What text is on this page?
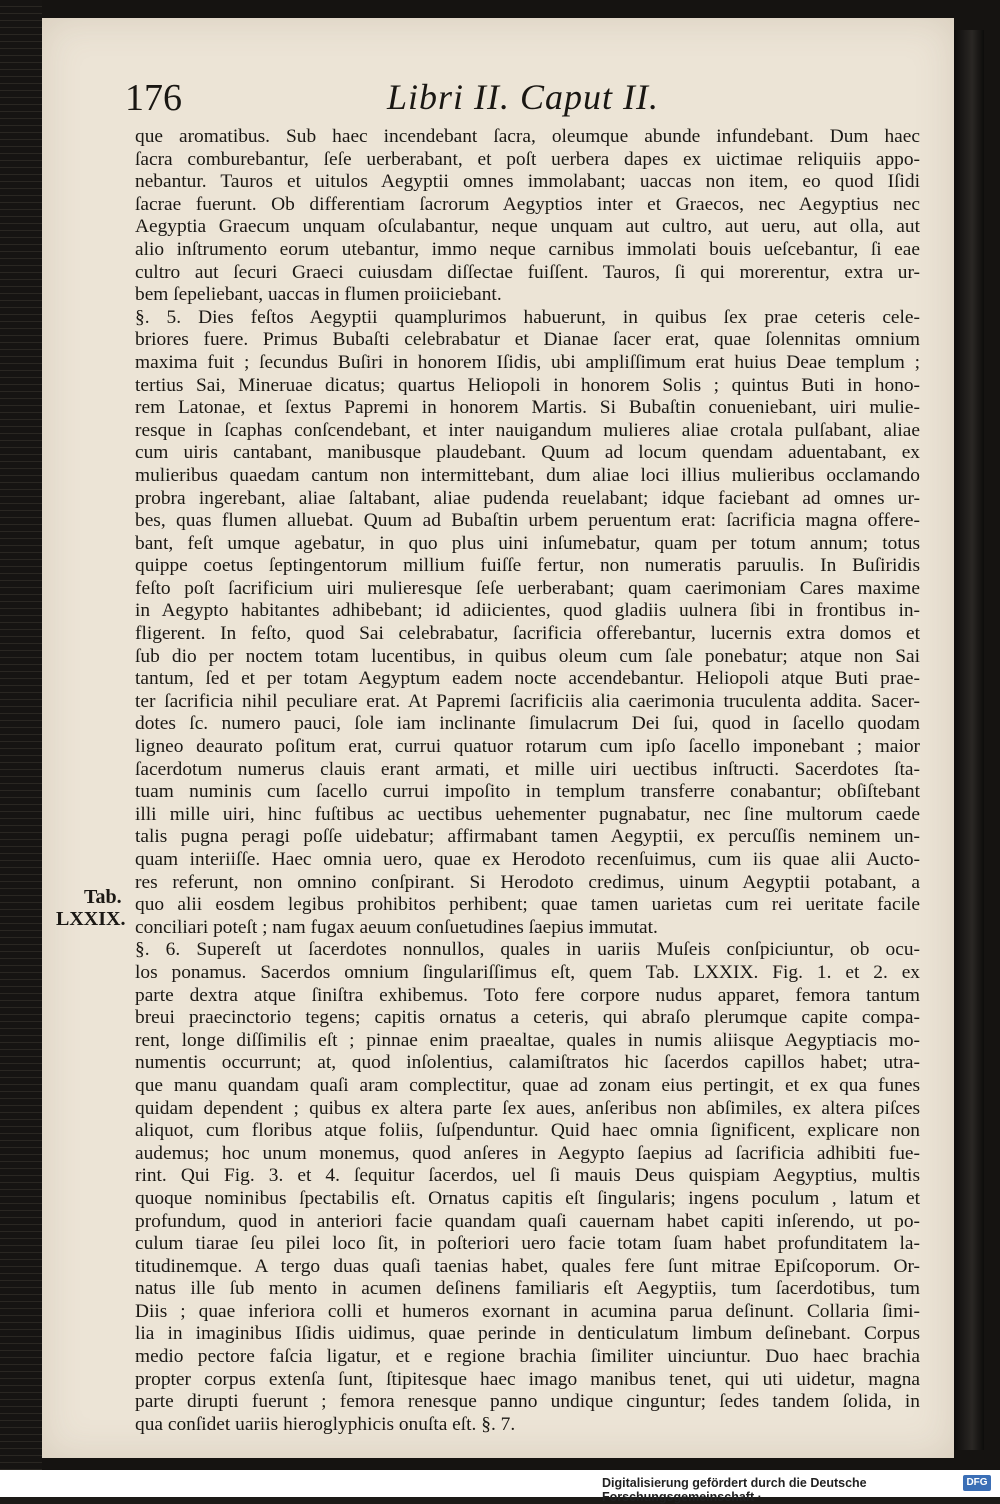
176	Libri II. Caput II.
Tab.
LXXIX.
que aromatibus. Sub haec incendebant ſacra, oleumque abunde infundebant. Dum haec
ſacra comburebantur, ſeſe uerberabant, et poſt uerbera dapes ex uictimae reliquiis appo-
nebantur. Tauros et uitulos Aegyptii omnes immolabant; uaccas non item, eo quod Iſidi
ſacrae fuerunt. Ob differentiam ſacrorum Aegyptios inter et Graecos, nec Aegyptius nec
Aegyptia Graecum unquam oſculabantur, neque unquam aut cultro, aut ueru, aut olla, aut
alio inſtrumento eorum utebantur, immo neque carnibus immolati bouis ueſcebantur, ſi eae
cultro aut ſecuri Graeci cuiusdam diſſectae fuiſſent. Tauros, ſi qui morerentur, extra ur-
bem ſepeliebant, uaccas in flumen proiiciebant.
§. 5. Dies feſtos Aegyptii quamplurimos habuerunt, in quibus ſex prae ceteris cele-
briores fuere. Primus Bubaſti celebrabatur et Dianae ſacer erat, quae ſolennitas omnium
maxima fuit ; ſecundus Buſiri in honorem Iſidis, ubi ampliſſimum erat huius Deae templum ;
tertius Sai, Mineruae dicatus; quartus Heliopoli in honorem Solis ; quintus Buti in hono-
rem Latonae, et ſextus Papremi in honorem Martis. Si Bubaſtin conueniebant, uiri mulie-
resque in ſcaphas conſcendebant, et inter nauigandum mulieres aliae crotala pulſabant, aliae
cum uiris cantabant, manibusque plaudebant. Quum ad locum quendam aduentabant, ex
mulieribus quaedam cantum non intermittebant, dum aliae loci illius mulieribus occlamando
probra ingerebant, aliae ſaltabant, aliae pudenda reuelabant; idque faciebant ad omnes ur-
bes, quas flumen alluebat. Quum ad Bubaſtin urbem peruentum erat: ſacrificia magna offere-
bant, feſt umque agebatur, in quo plus uini inſumebatur, quam per totum annum; totus
quippe coetus ſeptingentorum millium fuiſſe fertur, non numeratis paruulis. In Buſiridis
feſto poſt ſacrificium uiri mulieresque ſeſe uerberabant; quam caerimoniam Cares maxime
in Aegypto habitantes adhibebant; id adiicientes, quod gladiis uulnera ſibi in frontibus in-
fligerent. In feſto, quod Sai celebrabatur, ſacrificia offerebantur, lucernis extra domos et
ſub dio per noctem totam lucentibus, in quibus oleum cum ſale ponebatur; atque non Sai
tantum, ſed et per totam Aegyptum eadem nocte accendebantur. Heliopoli atque Buti prae-
ter ſacrificia nihil peculiare erat. At Papremi ſacrificiis alia caerimonia truculenta addita. Sacer-
dotes ſc. numero pauci, ſole iam inclinante ſimulacrum Dei ſui, quod in ſacello quodam
ligneo deaurato poſitum erat, currui quatuor rotarum cum ipſo ſacello imponebant ; maior
ſacerdotum numerus clauis erant armati, et mille uiri uectibus inſtructi. Sacerdotes ſta-
tuam numinis cum ſacello currui impoſito in templum transferre conabantur; obſiſtebant
illi mille uiri, hinc fuſtibus ac uectibus uehementer pugnabatur, nec ſine multorum caede
talis pugna peragi poſſe uidebatur; affirmabant tamen Aegyptii, ex percuſſis neminem un-
quam interiiſſe. Haec omnia uero, quae ex Herodoto recenſuimus, cum iis quae alii Aucto-
res referunt, non omnino conſpirant. Si Herodoto credimus, uinum Aegyptii potabant, a
quo alii eosdem legibus prohibitos perhibent; quae tamen uarietas cum rei ueritate facile
conciliari poteſt ; nam fugax aeuum conſuetudines ſaepius immutat.
§. 6. Supereſt ut ſacerdotes nonnullos, quales in uariis Muſeis conſpiciuntur, ob ocu-
los ponamus. Sacerdos omnium ſingulariſſimus eſt, quem Tab. LXXIX. Fig. 1. et 2. ex
parte dextra atque ſiniſtra exhibemus. Toto fere corpore nudus apparet, femora tantum
breui praecinctorio tegens; capitis ornatus a ceteris, qui abraſo plerumque capite compa-
rent, longe diſſimilis eſt ; pinnae enim praealtae, quales in numis aliisque Aegyptiacis mo-
numentis occurrunt; at, quod inſolentius, calamiſtratos hic ſacerdos capillos habet; utra-
que manu quandam quaſi aram complectitur, quae ad zonam eius pertingit, et ex qua funes
quidam dependent ; quibus ex altera parte ſex aues, anſeribus non abſimiles, ex altera piſces
aliquot, cum floribus atque foliis, ſuſpenduntur. Quid haec omnia ſignificent, explicare non
audemus; hoc unum monemus, quod anſeres in Aegypto ſaepius ad ſacrificia adhibiti fue-
rint. Qui Fig. 3. et 4. ſequitur ſacerdos, uel ſi mauis Deus quispiam Aegyptius, multis
quoque nominibus ſpectabilis eſt. Ornatus capitis eſt ſingularis; ingens poculum , latum et
profundum, quod in anteriori facie quandam quaſi cauernam habet capiti inſerendo, ut po-
culum tiarae ſeu pilei loco ſit, in poſteriori uero facie totam ſuam habet profunditatem la-
titudinemque. A tergo duas quaſi taenias habet, quales fere ſunt mitrae Epiſcoporum. Or-
natus ille ſub mento in acumen deſinens familiaris eſt Aegyptiis, tum ſacerdotibus, tum
Diis ; quae inferiora colli et humeros exornant in acumina parua deſinunt. Collaria ſimi-
lia in imaginibus Iſidis uidimus, quae perinde in denticulatum limbum deſinebant. Corpus
medio pectore faſcia ligatur, et e regione brachia ſimiliter uinciuntur. Duo haec brachia
propter corpus extenſa ſunt, ſtipitesque haec imago manibus tenet, qui uti uidetur, magna
parte dirupti fuerunt ; femora renesque panno undique cinguntur; ſedes tandem ſolida, in
qua conſidet uariis hieroglyphicis onuſta eſt. §. 7.
Digitalisierung gefördert durch die Deutsche Forschungsgemeinschaft ·
DFG
